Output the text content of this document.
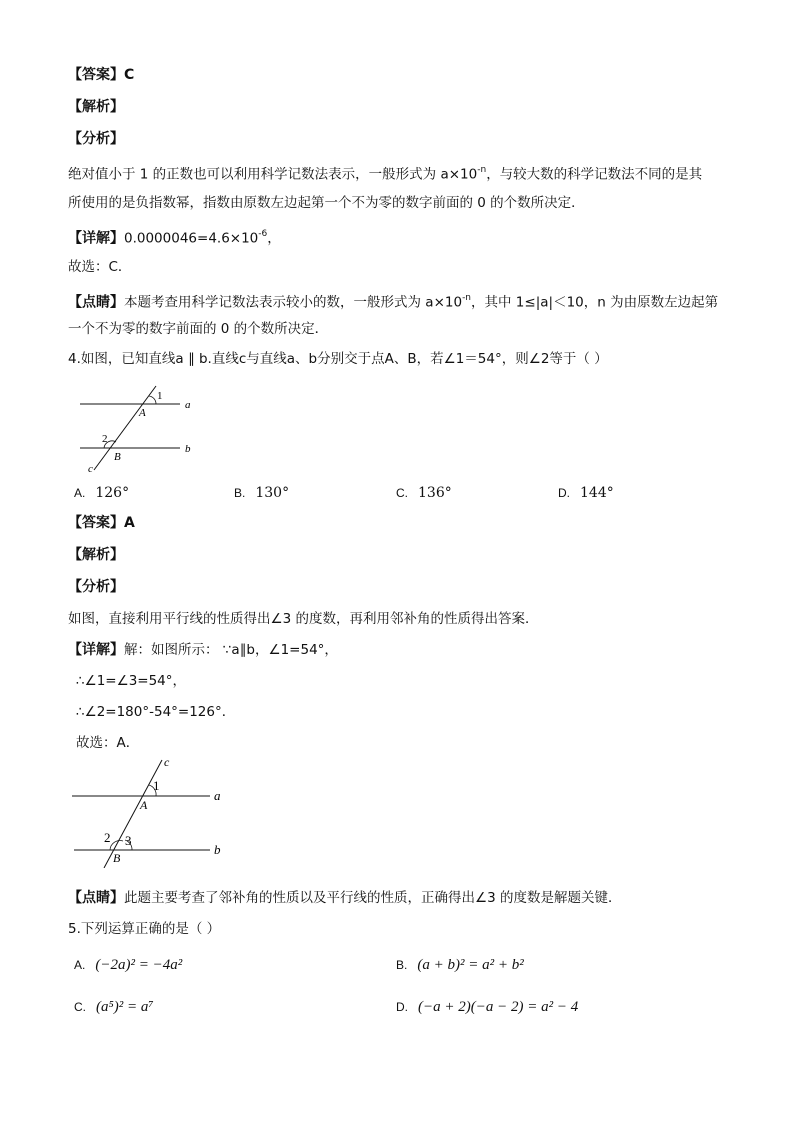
【答案】C
【解析】
【分析】
绝对值小于 1 的正数也可以利用科学记数法表示，一般形式为 $a\times 10^{-n}$，与较大数的科学记数法不同的是其
所使用的是负指数幂，指数由原数左边起第一个不为零的数字前面的 0 的个数所决定．
【详解】$0.0000046=4.6\times 10^{-6}$，
故选：C．
【点睛】本题考查用科学记数法表示较小的数，一般形式为 $a\times 10^{-n}$，其中 1≤|a|＜10，n 为由原数左边起第
一个不为零的数字前面的 0 的个数所决定．
4.如图，已知直线a ∥ b.直线c与直线a、b分别交于点A、B，若∠1＝54°，则∠2等于（ ）
1
2
A
B
a
b
c
A. 126°	B. 130°	C. 136°	D. 144°
【答案】A
【解析】
【分析】
如图，直接利用平行线的性质得出∠3 的度数，再利用邻补角的性质得出答案．
【详解】解：如图所示： ∵a∥b，∠1=54°，
∴∠1=∠3=54°，
∴∠2=180°-54°=126°．
故选：A．
c
1
A
a
2 3
B
b
【点睛】此题主要考查了邻补角的性质以及平行线的性质，正确得出∠3 的度数是解题关键．
5.下列运算正确的是（ ）
A. (−2a)² = −4a²	B. (a + b)² = a² + b²
C. (a⁵)² = a⁷	D. (−a + 2)(−a − 2) = a² − 4
